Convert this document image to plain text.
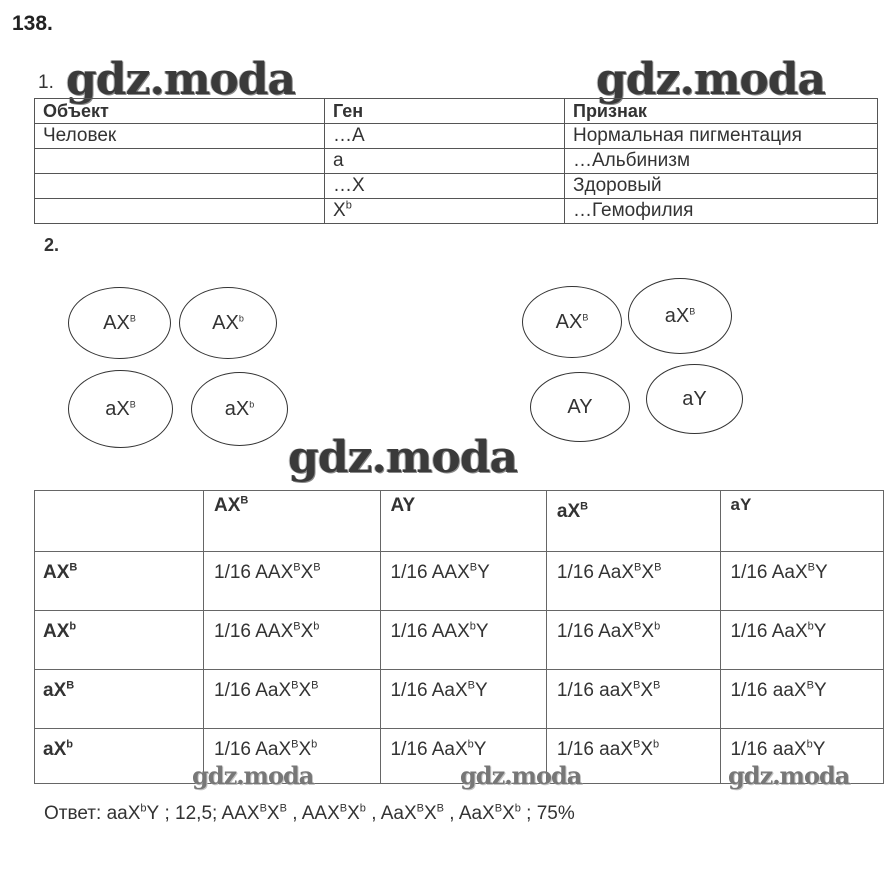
138.
1. gdz.moda	gdz.moda
Объект	Ген	Признак
Человек	…A	Нормальная пигментация
	a	…Альбинизм
	…X	Здоровый
	$X^b$	…Гемофилия
2.
$AX^B$	$AX^b$
$aX^B$	$aX^b$
$AX^B$	$aX^B$
AY	aY
gdz.moda
	$AX^B$	AY	$aX^B$	aY
$AX^B$	1/16 $AAX^BX^B$	1/16 $AAX^BY$	1/16 $AaX^BX^B$	1/16 AaX$^B$Y
$AX^b$	1/16 $AAX^BX^b$	1/16 AAX$^b$Y	1/16 $AaX^BX^b$	1/16 AaX$^b$Y
$aX^B$	1/16 $AaX^BX^B$	1/16 AaX$^B$Y	1/16 $aaX^BX^B$	1/16 aaX$^B$Y
$aX^b$	1/16 $AaX^BX^b$	1/16 AaX$^b$Y	1/16 $aaX^BX^b$	1/16 aaX$^b$Y
Ответ: aaX$^b$Y ; 12,5; $AAX^BX^B$ , $AAX^BX^b$ , $AaX^BX^B$ , $AaX^BX^b$ ; 75%
gdz.moda	gdz.moda	gdz.moda
